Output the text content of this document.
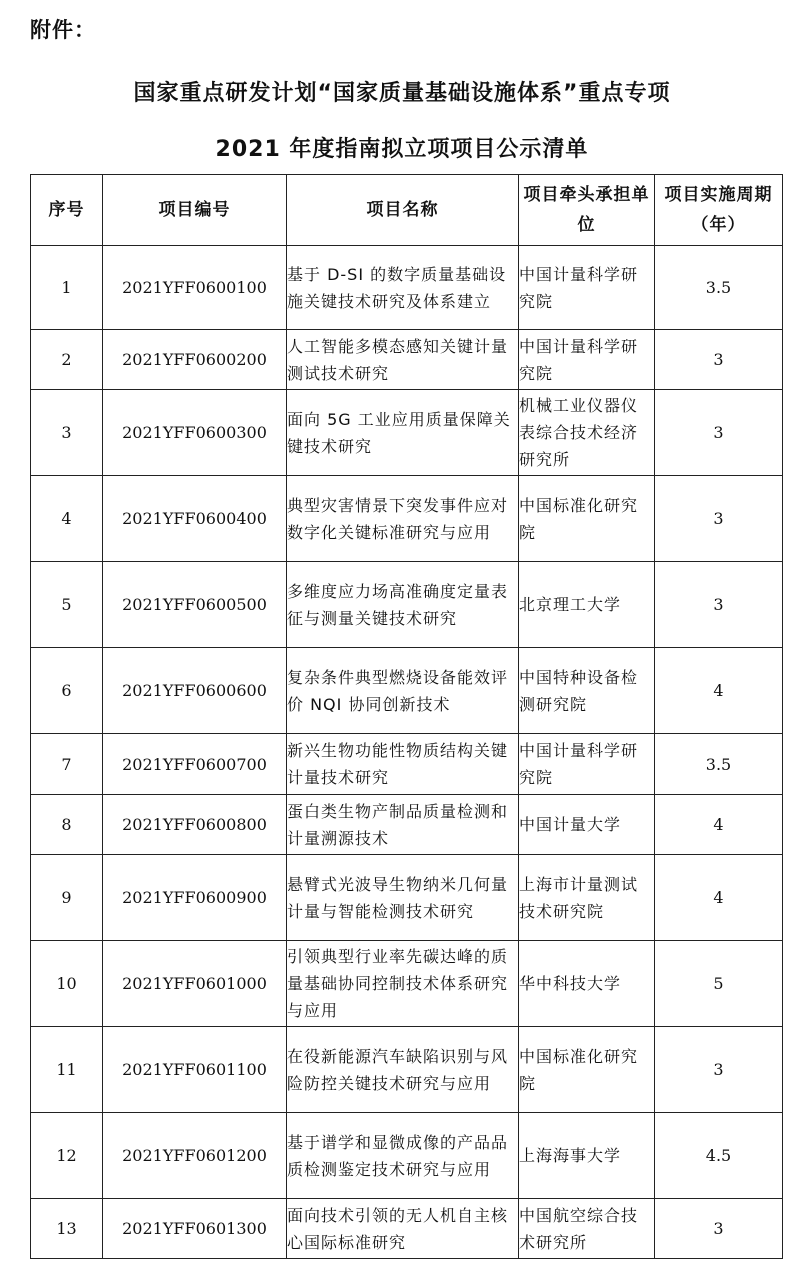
附件：
国家重点研发计划“国家质量基础设施体系”重点专项
2021 年度指南拟立项项目公示清单
序号	项目编号	项目名称	项目牵头承担单位	项目实施周期（年）
1	2021YFF0600100	基于 D-SI 的数字质量基础设施关键技术研究及体系建立	中国计量科学研究院	3.5
2	2021YFF0600200	人工智能多模态感知关键计量测试技术研究	中国计量科学研究院	3
3	2021YFF0600300	面向 5G 工业应用质量保障关键技术研究	机械工业仪器仪表综合技术经济研究所	3
4	2021YFF0600400	典型灾害情景下突发事件应对数字化关键标准研究与应用	中国标准化研究院	3
5	2021YFF0600500	多维度应力场高准确度定量表征与测量关键技术研究	北京理工大学	3
6	2021YFF0600600	复杂条件典型燃烧设备能效评价 NQI 协同创新技术	中国特种设备检测研究院	4
7	2021YFF0600700	新兴生物功能性物质结构关键计量技术研究	中国计量科学研究院	3.5
8	2021YFF0600800	蛋白类生物产制品质量检测和计量溯源技术	中国计量大学	4
9	2021YFF0600900	悬臂式光波导生物纳米几何量计量与智能检测技术研究	上海市计量测试技术研究院	4
10	2021YFF0601000	引领典型行业率先碳达峰的质量基础协同控制技术体系研究与应用	华中科技大学	5
11	2021YFF0601100	在役新能源汽车缺陷识别与风险防控关键技术研究与应用	中国标准化研究院	3
12	2021YFF0601200	基于谱学和显微成像的产品品质检测鉴定技术研究与应用	上海海事大学	4.5
13	2021YFF0601300	面向技术引领的无人机自主核心国际标准研究	中国航空综合技术研究所	3
